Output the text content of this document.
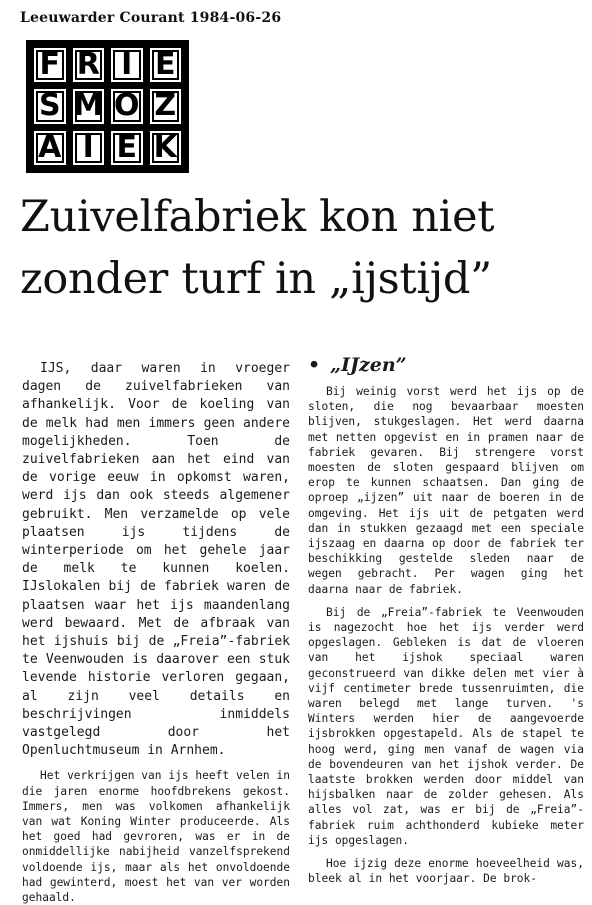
Leeuwarder Courant 1984-06-26
F R I E
S M O Z
A I E K
Zuivelfabriek kon niet zonder turf in „ijstijd”

IJS, daar waren in vroeger dagen de zuivelfabrieken van afhankelijk. Voor de koeling van de melk had men immers geen andere mogelijkheden. Toen de zuivelfabrieken aan het eind van de vorige eeuw in opkomst waren, werd ijs dan ook steeds algemener gebruikt. Men verzamelde op vele plaatsen ijs tijdens de winterperiode om het gehele jaar de melk te kunnen koelen. IJslokalen bij de fabriek waren de plaatsen waar het ijs maandenlang werd bewaard. Met de afbraak van het ijshuis bij de „Freia”-fabriek te Veenwouden is daarover een stuk levende historie verloren gegaan, al zijn veel details en beschrijvingen inmiddels vastgelegd door het Openluchtmuseum in Arnhem.

Het verkrijgen van ijs heeft velen in die jaren enorme hoofdbrekens gekost. Immers, men was volkomen afhankelijk van wat Koning Winter produceerde. Als het goed had gevroren, was er in de onmiddellijke nabijheid vanzelfsprekend voldoende ijs, maar als het onvoldoende had gewinterd, moest het van ver worden gehaald.

• „IJzen”

Bij weinig vorst werd het ijs op de sloten, die nog bevaarbaar moesten blijven, stukgeslagen. Het werd daarna met netten opgevist en in pramen naar de fabriek gevaren. Bij strengere vorst moesten de sloten gespaard blijven om erop te kunnen schaatsen. Dan ging de oproep „ijzen” uit naar de boeren in de omgeving. Het ijs uit de petgaten werd dan in stukken gezaagd met een speciale ijszaag en daarna op door de fabriek ter beschikking gestelde sleden naar de wegen gebracht. Per wagen ging het daarna naar de fabriek.

Bij de „Freia”-fabriek te Veenwouden is nagezocht hoe het ijs verder werd opgeslagen. Gebleken is dat de vloeren van het ijshok speciaal waren geconstrueerd van dikke delen met vier à vijf centimeter brede tussenruimten, die waren belegd met lange turven. 's Winters werden hier de aangevoerde ijsbrokken opgestapeld. Als de stapel te hoog werd, ging men vanaf de wagen via de bovendeuren van het ijshok verder. De laatste brokken werden door middel van hijsbalken naar de zolder gehesen. Als alles vol zat, was er bij de „Freia”-fabriek ruim achthonderd kubieke meter ijs opgeslagen.

Hoe ijzig deze enorme hoeveelheid was, bleek al in het voorjaar. De brok-
